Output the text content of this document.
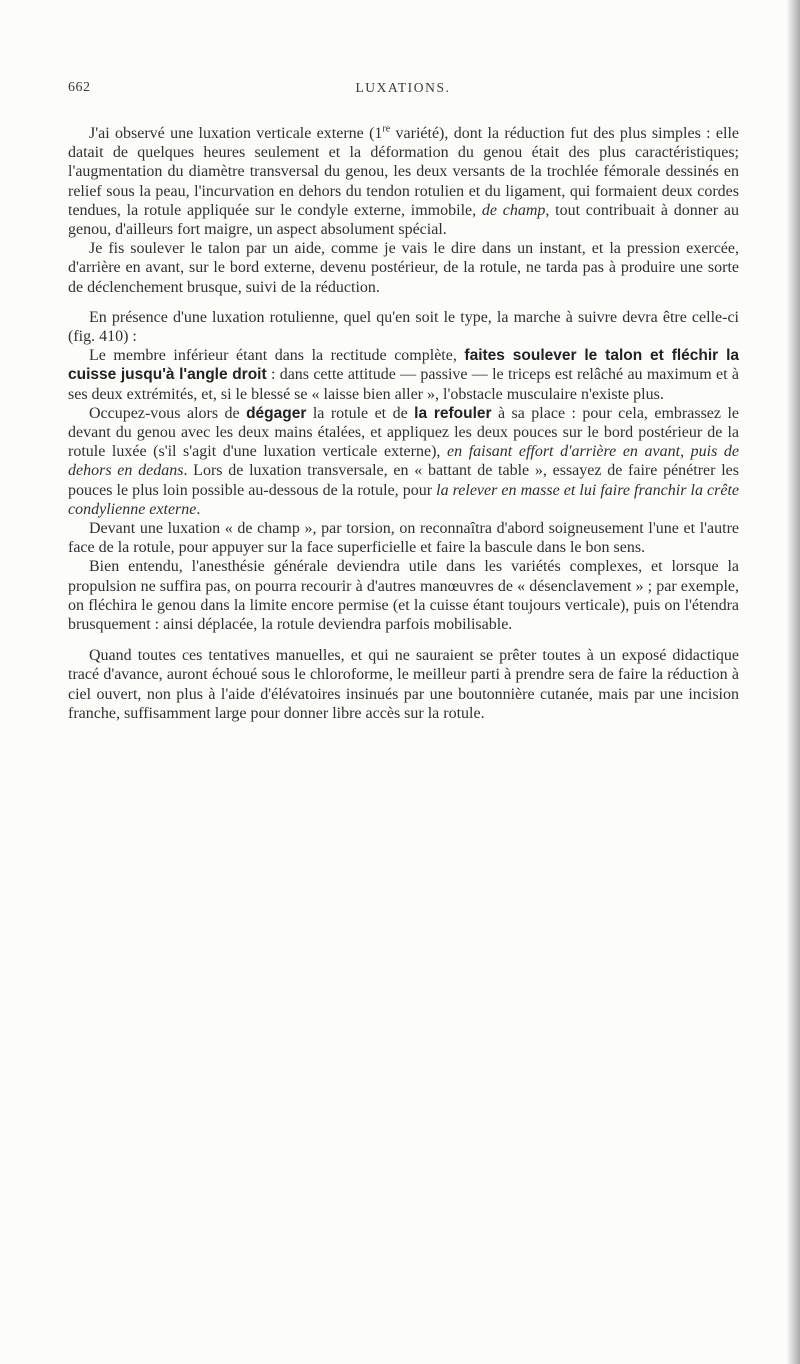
662	LUXATIONS.

J'ai observé une luxation verticale externe (1re variété), dont la réduction fut des plus simples : elle datait de quelques heures seulement et la déformation du genou était des plus caractéristiques; l'augmentation du diamètre transversal du genou, les deux versants de la trochlée fémorale dessinés en relief sous la peau, l'incurvation en dehors du tendon rotulien et du ligament, qui formaient deux cordes tendues, la rotule appliquée sur le condyle externe, immobile, de champ, tout contribuait à donner au genou, d'ailleurs fort maigre, un aspect absolument spécial.

Je fis soulever le talon par un aide, comme je vais le dire dans un instant, et la pression exercée, d'arrière en avant, sur le bord externe, devenu postérieur, de la rotule, ne tarda pas à produire une sorte de déclenchement brusque, suivi de la réduction.

En présence d'une luxation rotulienne, quel qu'en soit le type, la marche à suivre devra être celle-ci (fig. 410) :

Le membre inférieur étant dans la rectitude complète, faites soulever le talon et fléchir la cuisse jusqu'à l'angle droit : dans cette attitude — passive — le triceps est relâché au maximum et à ses deux extrémités, et, si le blessé se « laisse bien aller », l'obstacle musculaire n'existe plus.

Occupez-vous alors de dégager la rotule et de la refouler à sa place : pour cela, embrassez le devant du genou avec les deux mains étalées, et appliquez les deux pouces sur le bord postérieur de la rotule luxée (s'il s'agit d'une luxation verticale externe), en faisant effort d'arrière en avant, puis de dehors en dedans. Lors de luxation transversale, en « battant de table », essayez de faire pénétrer les pouces le plus loin possible au-dessous de la rotule, pour la relever en masse et lui faire franchir la crête condylienne externe.

Devant une luxation « de champ », par torsion, on reconnaîtra d'abord soigneusement l'une et l'autre face de la rotule, pour appuyer sur la face superficielle et faire la bascule dans le bon sens.

Bien entendu, l'anesthésie générale deviendra utile dans les variétés complexes, et lorsque la propulsion ne suffira pas, on pourra recourir à d'autres manœuvres de « désenclavement » ; par exemple, on fléchira le genou dans la limite encore permise (et la cuisse étant toujours verticale), puis on l'étendra brusquement : ainsi déplacée, la rotule deviendra parfois mobilisable.

Quand toutes ces tentatives manuelles, et qui ne sauraient se prêter toutes à un exposé didactique tracé d'avance, auront échoué sous le chloroforme, le meilleur parti à prendre sera de faire la réduction à ciel ouvert, non plus à l'aide d'élévatoires insinués par une boutonnière cutanée, mais par une incision franche, suffisamment large pour donner libre accès sur la rotule.
